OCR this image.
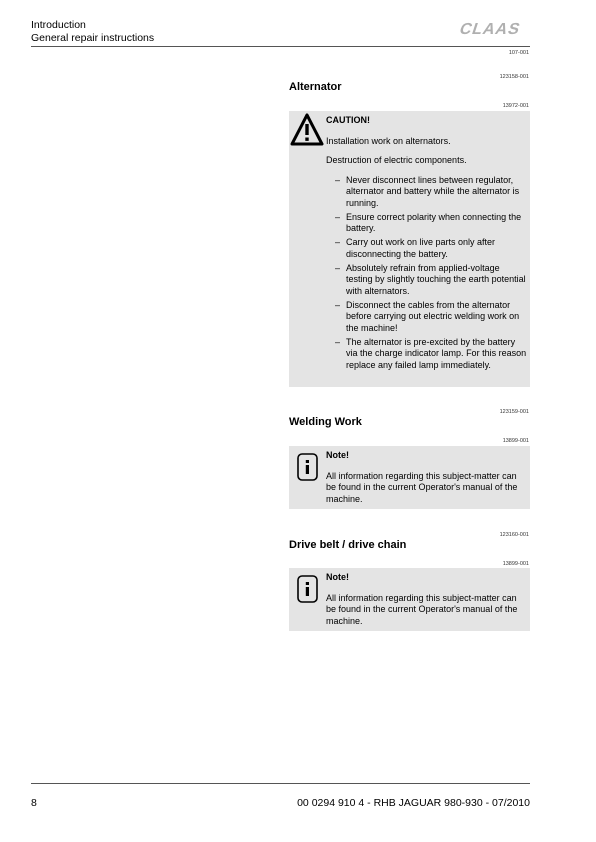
Introduction
General repair instructions
CLAAS
107-001
123158-001
Alternator
13972-001
CAUTION!
Installation work on alternators.
Destruction of electric components.
– Never disconnect lines between regulator, alternator and battery while the alternator is running.
– Ensure correct polarity when connecting the battery.
– Carry out work on live parts only after disconnecting the battery.
– Absolutely refrain from applied-voltage testing by slightly touching the earth potential with alternators.
– Disconnect the cables from the alternator before carrying out electric welding work on the machine!
– The alternator is pre-excited by the battery via the charge indicator lamp. For this reason replace any failed lamp immediately.
123159-001
Welding Work
13899-001
Note!
All information regarding this subject-matter can be found in the current Operator's manual of the machine.
123160-001
Drive belt / drive chain
13899-001
Note!
All information regarding this subject-matter can be found in the current Operator's manual of the machine.
8	00 0294 910 4 - RHB JAGUAR 980-930 - 07/2010
